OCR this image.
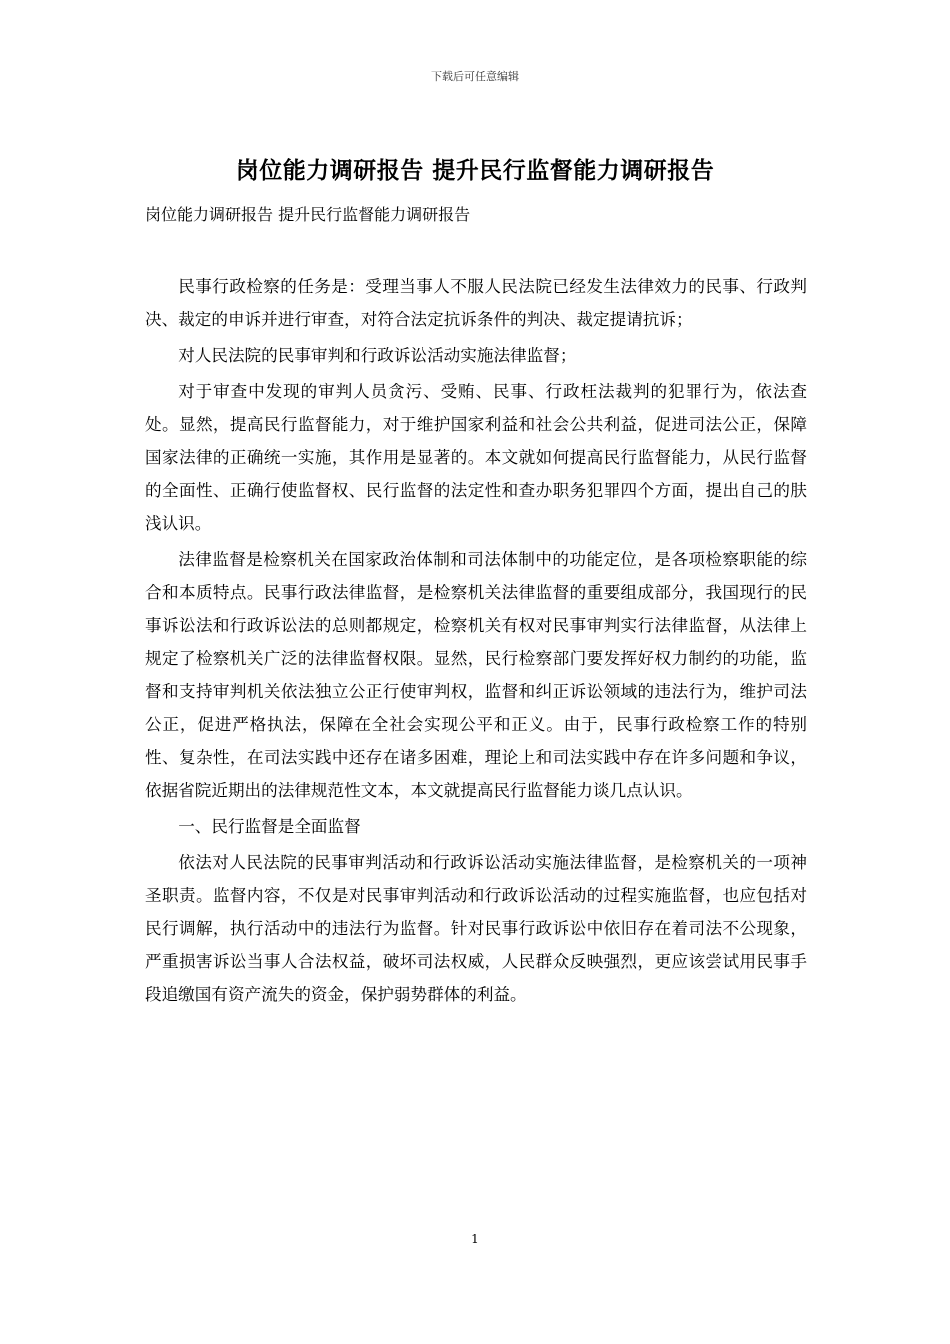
下载后可任意编辑
岗位能力调研报告 提升民行监督能力调研报告
岗位能力调研报告 提升民行监督能力调研报告

民事行政检察的任务是：受理当事人不服人民法院已经发生法律效力的民事、行政判决、裁定的申诉并进行审查，对符合法定抗诉条件的判决、裁定提请抗诉；

对人民法院的民事审判和行政诉讼活动实施法律监督；

对于审查中发现的审判人员贪污、受贿、民事、行政枉法裁判的犯罪行为，依法查处。显然，提高民行监督能力，对于维护国家利益和社会公共利益，促进司法公正，保障国家法律的正确统一实施，其作用是显著的。本文就如何提高民行监督能力，从民行监督的全面性、正确行使监督权、民行监督的法定性和查办职务犯罪四个方面，提出自己的肤浅认识。

法律监督是检察机关在国家政治体制和司法体制中的功能定位，是各项检察职能的综合和本质特点。民事行政法律监督，是检察机关法律监督的重要组成部分，我国现行的民事诉讼法和行政诉讼法的总则都规定，检察机关有权对民事审判实行法律监督，从法律上规定了检察机关广泛的法律监督权限。显然，民行检察部门要发挥好权力制约的功能，监督和支持审判机关依法独立公正行使审判权，监督和纠正诉讼领域的违法行为，维护司法公正，促进严格执法，保障在全社会实现公平和正义。由于，民事行政检察工作的特别性、复杂性，在司法实践中还存在诸多困难，理论上和司法实践中存在许多问题和争议，依据省院近期出的法律规范性文本，本文就提高民行监督能力谈几点认识。

一、民行监督是全面监督

依法对人民法院的民事审判活动和行政诉讼活动实施法律监督，是检察机关的一项神圣职责。监督内容，不仅是对民事审判活动和行政诉讼活动的过程实施监督，也应包括对民行调解，执行活动中的违法行为监督。针对民事行政诉讼中依旧存在着司法不公现象，严重损害诉讼当事人合法权益，破坏司法权威，人民群众反映强烈，更应该尝试用民事手段追缴国有资产流失的资金，保护弱势群体的利益。

1
